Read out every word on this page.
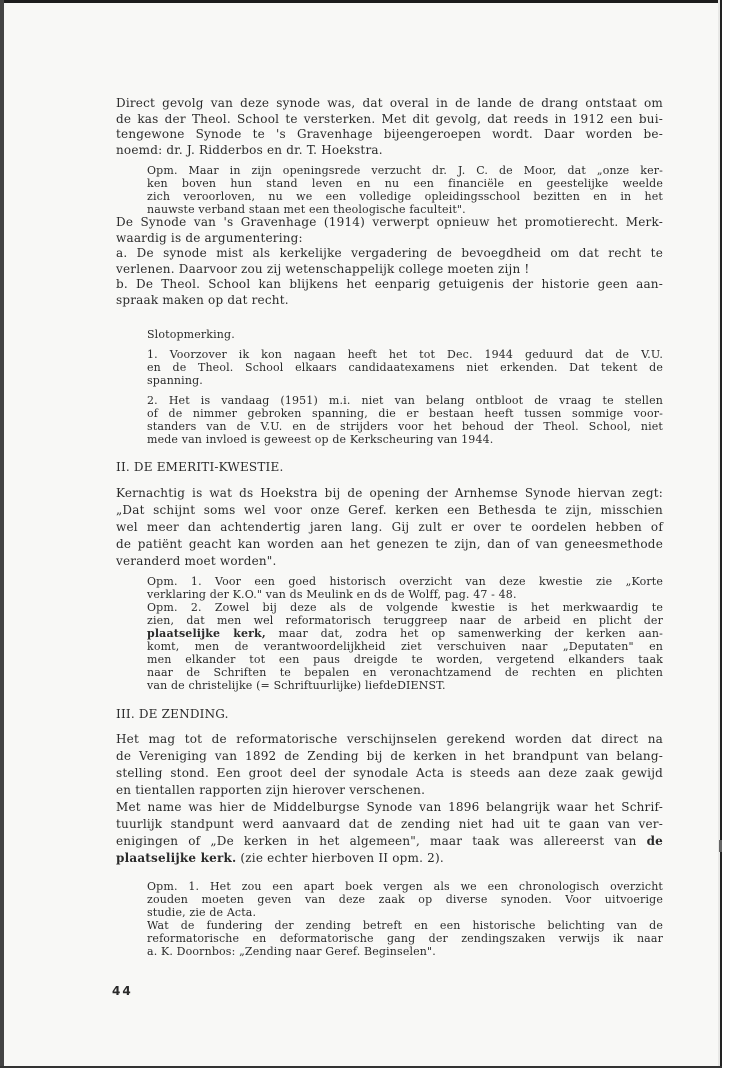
Direct gevolg van deze synode was, dat overal in de lande de drang ontstaat om
de kas der Theol. School te versterken. Met dit gevolg, dat reeds in 1912 een bui-
tengewone Synode te 's Gravenhage bijeengeroepen wordt. Daar worden be-
noemd: dr. J. Ridderbos en dr. T. Hoekstra.
Opm. Maar in zijn openingsrede verzucht dr. J. C. de Moor, dat „onze ker-
ken boven hun stand leven en nu een financiële en geestelijke weelde
zich veroorloven, nu we een volledige opleidingsschool bezitten en in het
nauwste verband staan met een theologische faculteit".
De Synode van 's Gravenhage (1914) verwerpt opnieuw het promotierecht. Merk-
waardig is de argumentering:
a. De synode mist als kerkelijke vergadering de bevoegdheid om dat recht te
verlenen. Daarvoor zou zij wetenschappelijk college moeten zijn !
b. De Theol. School kan blijkens het eenparig getuigenis der historie geen aan-
spraak maken op dat recht.
Slotopmerking.
1. Voorzover ik kon nagaan heeft het tot Dec. 1944 geduurd dat de V.U.
en de Theol. School elkaars candidaatexamens niet erkenden. Dat tekent de
spanning.
2. Het is vandaag (1951) m.i. niet van belang ontbloot de vraag te stellen
of de nimmer gebroken spanning, die er bestaan heeft tussen sommige voor-
standers van de V.U. en de strijders voor het behoud der Theol. School, niet
mede van invloed is geweest op de Kerkscheuring van 1944.
II. DE EMERITI-KWESTIE.
Kernachtig is wat ds Hoekstra bij de opening der Arnhemse Synode hiervan zegt:
„Dat schijnt soms wel voor onze Geref. kerken een Bethesda te zijn, misschien
wel meer dan achtendertig jaren lang. Gij zult er over te oordelen hebben of
de patiënt geacht kan worden aan het genezen te zijn, dan of van geneesmethode
veranderd moet worden".
Opm. 1. Voor een goed historisch overzicht van deze kwestie zie „Korte
verklaring der K.O." van ds Meulink en ds de Wolff, pag. 47 - 48.
Opm. 2. Zowel bij deze als de volgende kwestie is het merkwaardig te
zien, dat men wel reformatorisch teruggreep naar de arbeid en plicht der
plaatselijke kerk, maar dat, zodra het op samenwerking der kerken aan-
komt, men de verantwoordelijkheid ziet verschuiven naar „Deputaten" en
men elkander tot een paus dreigde te worden, vergetend elkanders taak
naar de Schriften te bepalen en veronachtzamend de rechten en plichten
van de christelijke (= Schriftuurlijke) liefdeDIENST.
III. DE ZENDING.
Het mag tot de reformatorische verschijnselen gerekend worden dat direct na
de Vereniging van 1892 de Zending bij de kerken in het brandpunt van belang-
stelling stond. Een groot deel der synodale Acta is steeds aan deze zaak gewijd
en tientallen rapporten zijn hierover verschenen.
Met name was hier de Middelburgse Synode van 1896 belangrijk waar het Schrif-
tuurlijk standpunt werd aanvaard dat de zending niet had uit te gaan van ver-
enigingen of „De kerken in het algemeen", maar taak was allereerst van de
plaatselijke kerk. (zie echter hierboven II opm. 2).
Opm. 1. Het zou een apart boek vergen als we een chronologisch overzicht
zouden moeten geven van deze zaak op diverse synoden. Voor uitvoerige
studie, zie de Acta.
Wat de fundering der zending betreft en een historische belichting van de
reformatorische en deformatorische gang der zendingszaken verwijs ik naar
a. K. Doornbos: „Zending naar Geref. Beginselen".
44
